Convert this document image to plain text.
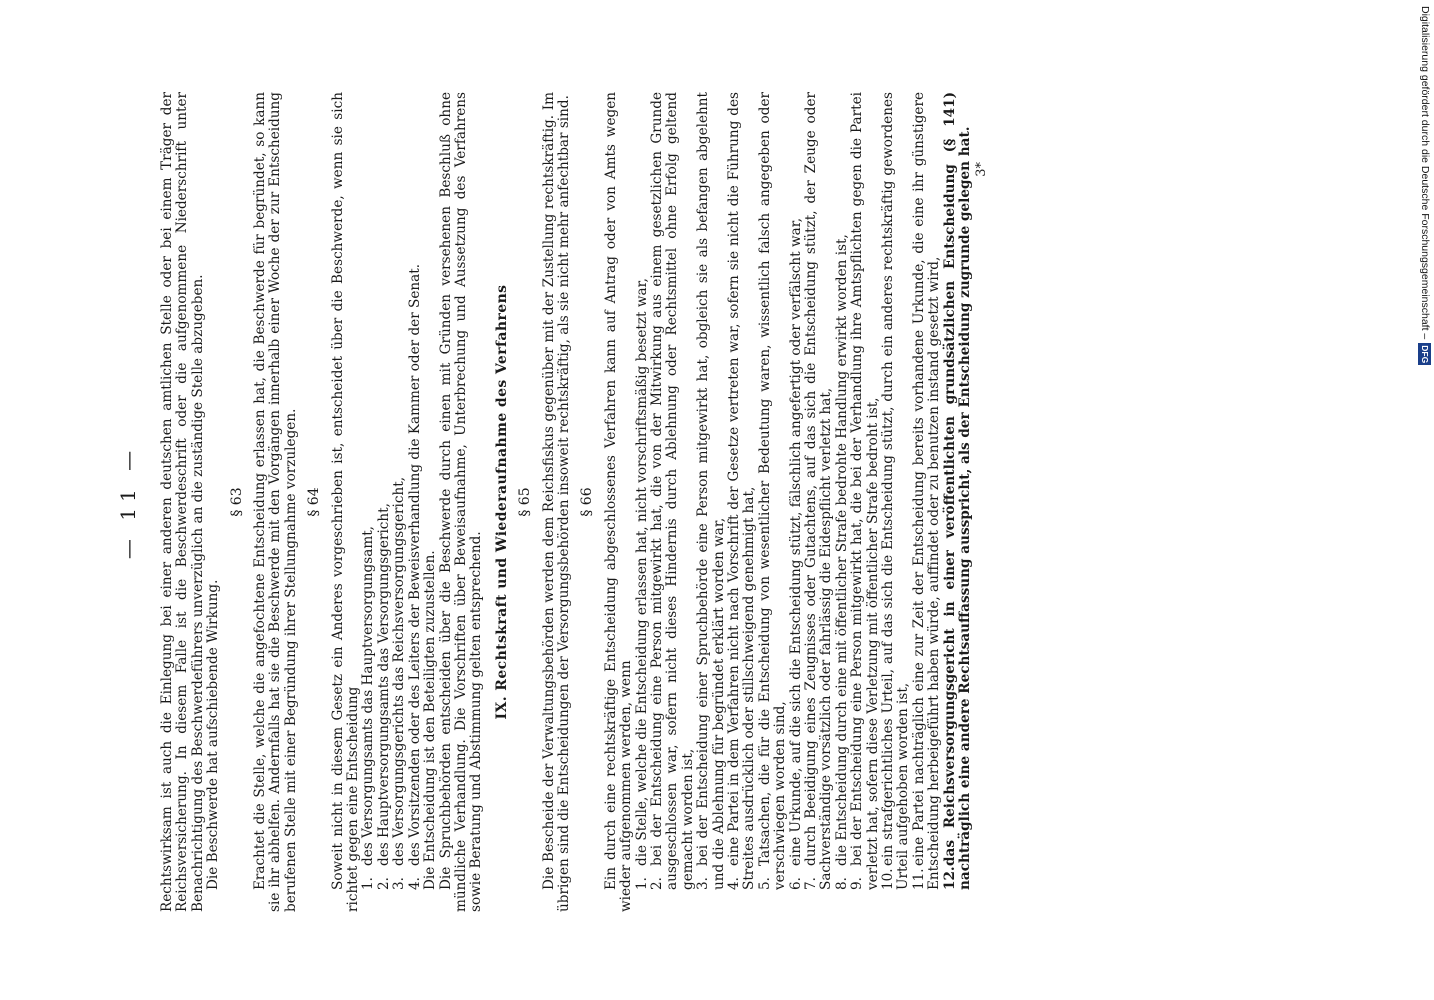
— 11 — Rechtswirksam ist auch die Einlegung bei einer anderen deutschen amtlichen Stelle oder bei einem Träger der Reichsversicherung. In diesem Falle ist die Beschwerdeschrift oder die aufgenommene Niederschrift unter Benachrichtigung des Beschwerdeführers unverzüglich an die zuständige Stelle abzugeben. Die Beschwerde hat aufschiebende Wirkung.

§ 63 Erachtet die Stelle, welche die angefochtene Entscheidung erlassen hat, die Beschwerde für begründet, so kann sie ihr abhelfen. Andernfalls hat sie die Beschwerde mit den Vorgängen innerhalb einer Woche der zur Entscheidung berufenen Stelle mit einer Begründung ihrer Stellungnahme vorzulegen. § 64 Soweit nicht in diesem Gesetz ein Anderes vorgeschrieben ist, entscheidet über die Beschwerde, wenn sie sich richtet gegen eine Entscheidung 1.des Versorgungsamts das Hauptversorgungsamt,
2.des Hauptversorgungsamts das Versorgungsgericht,
3.des Versorgungsgerichts das Reichsversorgungsgericht,
4.des Vorsitzenden oder des Leiters der Beweisverhandlung die Kammer oder der Senat. Die Entscheidung ist den Beteiligten zuzustellen. Die Spruchbehörden entscheiden über die Beschwerde durch einen mit Gründen versehenen Beschluß ohne mündliche Verhandlung. Die Vorschriften über Beweisaufnahme, Unterbrechung und Aussetzung des Verfahrens sowie Beratung und Abstimmung gelten entsprechend.

IX. Rechtskraft und Wiederaufnahme des Verfahrens § 65 Die Bescheide der Verwaltungsbehörden werden dem Reichsfiskus gegenüber mit der Zustellung rechtskräftig. Im übrigen sind die Entscheidungen der Versorgungsbehörden insoweit rechtskräftig, als sie nicht mehr anfechtbar sind. § 66 Ein durch eine rechtskräftige Entscheidung abgeschlossenes Verfahren kann auf Antrag oder von Amts wegen wieder aufgenommen werden, wenn 1.die Stelle, welche die Entscheidung erlassen hat, nicht vorschriftsmäßig besetzt war,
2.bei der Entscheidung eine Person mitgewirkt hat, die von der Mitwirkung aus einem gesetzlichen Grunde ausgeschlossen war, sofern nicht dieses Hindernis durch Ablehnung oder Rechtsmittel ohne Erfolg geltend gemacht worden ist, 3.bei der Entscheidung einer Spruchbehörde eine Person mitgewirkt hat, obgleich sie als befangen abgelehnt und die Ablehnung für begründet erklärt worden war, 4.eine Partei in dem Verfahren nicht nach Vorschrift der Gesetze vertreten war, sofern sie nicht die Führung des Streites ausdrücklich oder stillschweigend genehmigt hat, 5.Tatsachen, die für die Entscheidung von wesentlicher Bedeutung waren, wissentlich falsch angegeben oder verschwiegen worden sind, 6.eine Urkunde, auf die sich die Entscheidung stützt, fälschlich angefertigt oder verfälscht war,
7.durch Beeidigung eines Zeugnisses oder Gutachtens, auf das sich die Entscheidung stützt, der Zeuge oder Sachverständige vorsätzlich oder fahrlässig die Eidespflicht verletzt hat, 8.die Entscheidung durch eine mit öffentlicher Strafe bedrohte Handlung erwirkt worden ist,
9.bei der Entscheidung eine Person mitgewirkt hat, die bei der Verhandlung ihre Amtspflichten gegen die Partei verletzt hat, sofern diese Verletzung mit öffentlicher Strafe bedroht ist, 10.ein strafgerichtliches Urteil, auf das sich die Entscheidung stützt, durch ein anderes rechtskräftig gewordenes Urteil aufgehoben worden ist, 11.eine Partei nachträglich eine zur Zeit der Entscheidung bereits vorhandene Urkunde, die eine ihr günstigere Entscheidung herbeigeführt haben würde, auffindet oder zu benutzen instand gesetzt wird, 12.das Reichsversorgungsgericht in einer veröffentlichten grundsätzlichen Entscheidung (§ 141) nachträglich eine andere Rechtsauffassung ausspricht, als der Entscheidung zugrunde gelegen hat. 3*	Digitalisierung gefördert durch die Deutsche Forschungsgemeinschaft –
DFG
